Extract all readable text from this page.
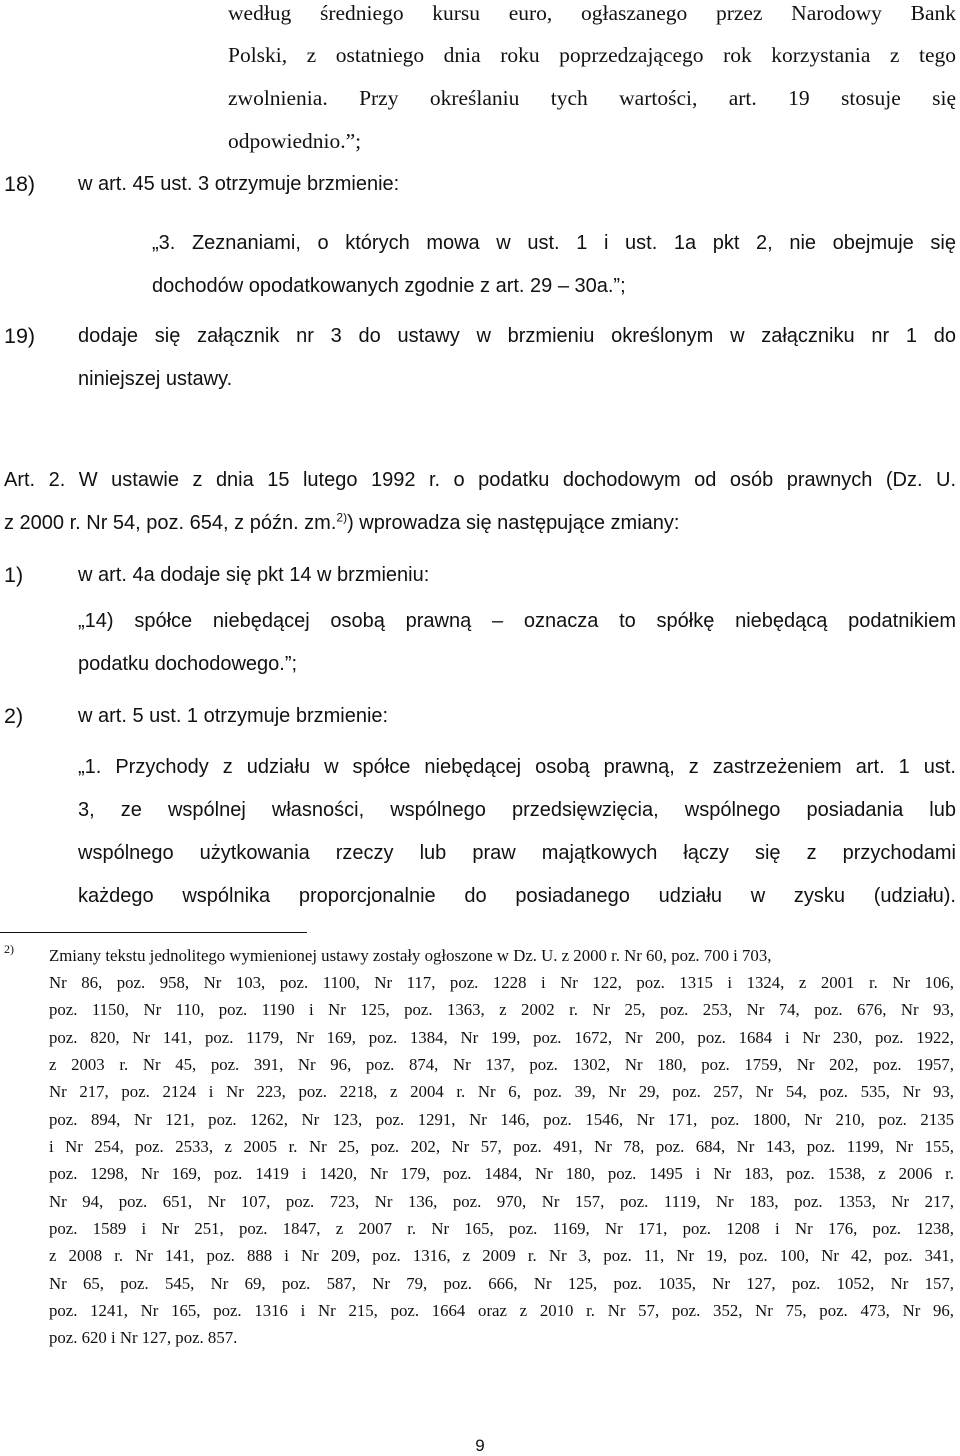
według średniego kursu euro, ogłaszanego przez Narodowy Bank
Polski, z ostatniego dnia roku poprzedzającego rok korzystania z tego
zwolnienia. Przy określaniu tych wartości, art. 19 stosuje się
odpowiednio.”;
18) w art. 45 ust. 3 otrzymuje brzmienie:
„3. Zeznaniami, o których mowa w ust. 1 i ust. 1a pkt 2, nie obejmuje się
dochodów opodatkowanych zgodnie z art. 29 – 30a.”;
19) dodaje się załącznik nr 3 do ustawy w brzmieniu określonym w załączniku nr 1 do
niniejszej ustawy.
Art. 2. W ustawie z dnia 15 lutego 1992 r. o podatku dochodowym od osób prawnych (Dz. U.
z 2000 r. Nr 54, poz. 654, z późn. zm.$^{2)}$) wprowadza się następujące zmiany:
1)	w art. 4a dodaje się pkt 14 w brzmieniu:
„14) spółce niebędącej osobą prawną – oznacza to spółkę niebędącą podatnikiem
podatku dochodowego.”;
2)	w art. 5 ust. 1 otrzymuje brzmienie:
„1. Przychody z udziału w spółce niebędącej osobą prawną, z zastrzeżeniem art. 1 ust.
3, ze wspólnej własności, wspólnego przedsięwzięcia, wspólnego posiadania lub
wspólnego użytkowania rzeczy lub praw majątkowych łączy się z przychodami
każdego wspólnika proporcjonalnie do posiadanego udziału w zysku (udziału).
2) Zmiany tekstu jednolitego wymienionej ustawy zostały ogłoszone w Dz. U. z 2000 r. Nr 60, poz. 700 i 703,
Nr 86, poz. 958, Nr 103, poz. 1100, Nr 117, poz. 1228 i Nr 122, poz. 1315 i 1324, z 2001 r. Nr 106,
poz. 1150, Nr 110, poz. 1190 i Nr 125, poz. 1363, z 2002 r. Nr 25, poz. 253, Nr 74, poz. 676, Nr 93,
poz. 820, Nr 141, poz. 1179, Nr 169, poz. 1384, Nr 199, poz. 1672, Nr 200, poz. 1684 i Nr 230, poz. 1922,
z 2003 r. Nr 45, poz. 391, Nr 96, poz. 874, Nr 137, poz. 1302, Nr 180, poz. 1759, Nr 202, poz. 1957,
Nr 217, poz. 2124 i Nr 223, poz. 2218, z 2004 r. Nr 6, poz. 39, Nr 29, poz. 257, Nr 54, poz. 535, Nr 93,
poz. 894, Nr 121, poz. 1262, Nr 123, poz. 1291, Nr 146, poz. 1546, Nr 171, poz. 1800, Nr 210, poz. 2135
i Nr 254, poz. 2533, z 2005 r. Nr 25, poz. 202, Nr 57, poz. 491, Nr 78, poz. 684, Nr 143, poz. 1199, Nr 155,
poz. 1298, Nr 169, poz. 1419 i 1420, Nr 179, poz. 1484, Nr 180, poz. 1495 i Nr 183, poz. 1538, z 2006 r.
Nr 94, poz. 651, Nr 107, poz. 723, Nr 136, poz. 970, Nr 157, poz. 1119, Nr 183, poz. 1353, Nr 217,
poz. 1589 i Nr 251, poz. 1847, z 2007 r. Nr 165, poz. 1169, Nr 171, poz. 1208 i Nr 176, poz. 1238,
z 2008 r. Nr 141, poz. 888 i Nr 209, poz. 1316, z 2009 r. Nr 3, poz. 11, Nr 19, poz. 100, Nr 42, poz. 341,
Nr 65, poz. 545, Nr 69, poz. 587, Nr 79, poz. 666, Nr 125, poz. 1035, Nr 127, poz. 1052, Nr 157,
poz. 1241, Nr 165, poz. 1316 i Nr 215, poz. 1664 oraz z 2010 r. Nr 57, poz. 352, Nr 75, poz. 473, Nr 96,
poz. 620 i Nr 127, poz. 857.
9
